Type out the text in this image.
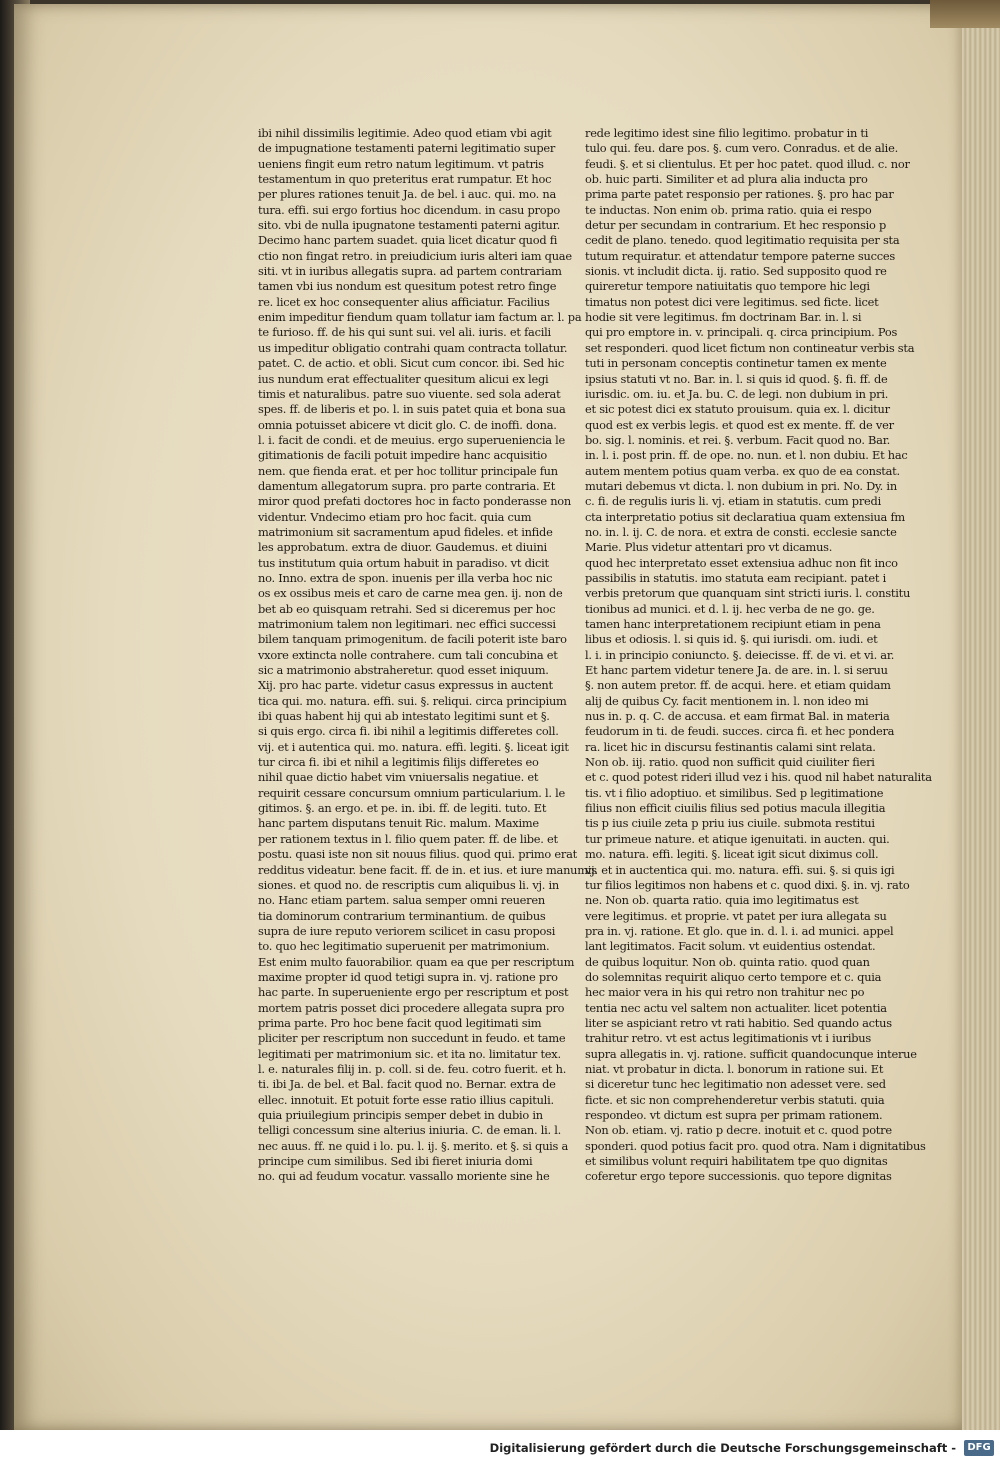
ibi nihil dissimilis legitimie. Adeo quod etiam vbi agit
de impugnatione testamenti paterni legitimatio super
ueniens fingit eum retro natum legitimum. vt patris
testamentum in quo preteritus erat rumpatur. Et hoc
per plures rationes tenuit Ja. de bel. i auc. qui. mo. na
tura. effi. sui ergo fortius hoc dicendum. in casu propo
sito. vbi de nulla ipugnatone testamenti paterni agitur.
Decimo hanc partem suadet. quia licet dicatur quod fi
ctio non fingat retro. in preiudicium iuris alteri iam quae
siti. vt in iuribus allegatis supra. ad partem contrariam
tamen vbi ius nondum est quesitum potest retro finge
re. licet ex hoc consequenter alius afficiatur. Facilius
enim impeditur fiendum quam tollatur iam factum ar. l. pa
te furioso. ff. de his qui sunt sui. vel ali. iuris. et facili
us impeditur obligatio contrahi quam contracta tollatur.
patet. C. de actio. et obli. Sicut cum concor. ibi. Sed hic
ius nundum erat effectualiter quesitum alicui ex legi
timis et naturalibus. patre suo viuente. sed sola aderat
spes. ff. de liberis et po. l. in suis patet quia et bona sua
omnia potuisset abicere vt dicit glo. C. de inoffi. dona.
l. i. facit de condi. et de meuius. ergo superueniencia le
gitimationis de facili potuit impedire hanc acquisitio
nem. que fienda erat. et per hoc tollitur principale fun
damentum allegatorum supra. pro parte contraria. Et
miror quod prefati doctores hoc in facto ponderasse non
videntur. Vndecimo etiam pro hoc facit. quia cum
matrimonium sit sacramentum apud fideles. et infide
les approbatum. extra de diuor. Gaudemus. et diuini
tus institutum quia ortum habuit in paradiso. vt dicit
no. Inno. extra de spon. inuenis per illa verba hoc nic
os ex ossibus meis et caro de carne mea gen. ij. non de
bet ab eo quisquam retrahi. Sed si diceremus per hoc
matrimonium talem non legitimari. nec effici successi
bilem tanquam primogenitum. de facili poterit iste baro
vxore extincta nolle contrahere. cum tali concubina et
sic a matrimonio abstraheretur. quod esset iniquum.
Xij. pro hac parte. videtur casus expressus in auctent
tica qui. mo. natura. effi. sui. §. reliqui. circa principium
ibi quas habent hij qui ab intestato legitimi sunt et §.
si quis ergo. circa fi. ibi nihil a legitimis differetes coll.
vij. et i autentica qui. mo. natura. effi. legiti. §. liceat igit
tur circa fi. ibi et nihil a legitimis filijs differetes eo
nihil quae dictio habet vim vniuersalis negatiue. et
requirit cessare concursum omnium particularium. l. le
gitimos. §. an ergo. et pe. in. ibi. ff. de legiti. tuto. Et
hanc partem disputans tenuit Ric. malum. Maxime
per rationem textus in l. filio quem pater. ff. de libe. et
postu. quasi iste non sit nouus filius. quod qui. primo erat
redditus videatur. bene facit. ff. de in. et ius. et iure manumis
siones. et quod no. de rescriptis cum aliquibus li. vj. in
no. Hanc etiam partem. salua semper omni reueren
tia dominorum contrarium terminantium. de quibus
supra de iure reputo veriorem scilicet in casu proposi
to. quo hec legitimatio superuenit per matrimonium.
Est enim multo fauorabilior. quam ea que per rescriptum
maxime propter id quod tetigi supra in. vj. ratione pro
hac parte. In superueniente ergo per rescriptum et post
mortem patris posset dici procedere allegata supra pro
prima parte. Pro hoc bene facit quod legitimati sim
pliciter per rescriptum non succedunt in feudo. et tame
legitimati per matrimonium sic. et ita no. limitatur tex.
l. e. naturales filij in. p. coll. si de. feu. cotro fuerit. et h.
ti. ibi Ja. de bel. et Bal. facit quod no. Bernar. extra de
ellec. innotuit. Et potuit forte esse ratio illius capituli.
quia priuilegium principis semper debet in dubio in
telligi concessum sine alterius iniuria. C. de eman. li. l.
nec auus. ff. ne quid i lo. pu. l. ij. §. merito. et §. si quis a
principe cum similibus. Sed ibi fieret iniuria domi
no. qui ad feudum vocatur. vassallo moriente sine he
rede legitimo idest sine filio legitimo. probatur in ti
tulo qui. feu. dare pos. §. cum vero. Conradus. et de alie.
feudi. §. et si clientulus. Et per hoc patet. quod illud. c. nor
ob. huic parti. Similiter et ad plura alia inducta pro
prima parte patet responsio per rationes. §. pro hac par
te inductas. Non enim ob. prima ratio. quia ei respo
detur per secundam in contrarium. Et hec responsio p
cedit de plano. tenedo. quod legitimatio requisita per sta
tutum requiratur. et attendatur tempore paterne succes
sionis. vt includit dicta. ij. ratio. Sed supposito quod re
quireretur tempore natiuitatis quo tempore hic legi
timatus non potest dici vere legitimus. sed ficte. licet
hodie sit vere legitimus. fm doctrinam Bar. in. l. si
qui pro emptore in. v. principali. q. circa principium. Pos
set responderi. quod licet fictum non contineatur verbis sta
tuti in personam conceptis continetur tamen ex mente
ipsius statuti vt no. Bar. in. l. si quis id quod. §. fi. ff. de
iurisdic. om. iu. et Ja. bu. C. de legi. non dubium in pri.
et sic potest dici ex statuto prouisum. quia ex. l. dicitur
quod est ex verbis legis. et quod est ex mente. ff. de ver
bo. sig. l. nominis. et rei. §. verbum. Facit quod no. Bar.
in. l. i. post prin. ff. de ope. no. nun. et l. non dubiu. Et hac
autem mentem potius quam verba. ex quo de ea constat.
mutari debemus vt dicta. l. non dubium in pri. No. Dy. in
c. fi. de regulis iuris li. vj. etiam in statutis. cum predi
cta interpretatio potius sit declaratiua quam extensiua fm
no. in. l. ij. C. de nora. et extra de consti. ecclesie sancte
Marie. Plus videtur attentari pro vt dicamus.
quod hec interpretato esset extensiua adhuc non fit inco
passibilis in statutis. imo statuta eam recipiant. patet i
verbis pretorum que quanquam sint stricti iuris. l. constitu
tionibus ad munici. et d. l. ij. hec verba de ne go. ge.
tamen hanc interpretationem recipiunt etiam in pena
libus et odiosis. l. si quis id. §. qui iurisdi. om. iudi. et
l. i. in principio coniuncto. §. deiecisse. ff. de vi. et vi. ar.
Et hanc partem videtur tenere Ja. de are. in. l. si seruu
§. non autem pretor. ff. de acqui. here. et etiam quidam
alij de quibus Cy. facit mentionem in. l. non ideo mi
nus in. p. q. C. de accusa. et eam firmat Bal. in materia
feudorum in ti. de feudi. succes. circa fi. et hec pondera
ra. licet hic in discursu festinantis calami sint relata.
Non ob. iij. ratio. quod non sufficit quid ciuiliter fieri
et c. quod potest rideri illud vez i his. quod nil habet naturalita
tis. vt i filio adoptiuo. et similibus. Sed p legitimatione
filius non efficit ciuilis filius sed potius macula illegitia
tis p ius ciuile zeta p priu ius ciuile. submota restitui
tur primeue nature. et atique igenuitati. in aucten. qui.
mo. natura. effi. legiti. §. liceat igit sicut diximus coll.
vj. et in auctentica qui. mo. natura. effi. sui. §. si quis igi
tur filios legitimos non habens et c. quod dixi. §. in. vj. rato
ne. Non ob. quarta ratio. quia imo legitimatus est
vere legitimus. et proprie. vt patet per iura allegata su
pra in. vj. ratione. Et glo. que in. d. l. i. ad munici. appel
lant legitimatos. Facit solum. vt euidentius ostendat.
de quibus loquitur. Non ob. quinta ratio. quod quan
do solemnitas requirit aliquo certo tempore et c. quia
hec maior vera in his qui retro non trahitur nec po
tentia nec actu vel saltem non actualiter. licet potentia
liter se aspiciant retro vt rati habitio. Sed quando actus
trahitur retro. vt est actus legitimationis vt i iuribus
supra allegatis in. vj. ratione. sufficit quandocunque interue
niat. vt probatur in dicta. l. bonorum in ratione sui. Et
si diceretur tunc hec legitimatio non adesset vere. sed
ficte. et sic non comprehenderetur verbis statuti. quia
respondeo. vt dictum est supra per primam rationem.
Non ob. etiam. vj. ratio p decre. inotuit et c. quod potre
sponderi. quod potius facit pro. quod otra. Nam i dignitatibus
et similibus volunt requiri habilitatem tpe quo dignitas
coferetur ergo tepore successionis. quo tepore dignitas
Digitalisierung gefördert durch die Deutsche Forschungsgemeinschaft -	DFG
